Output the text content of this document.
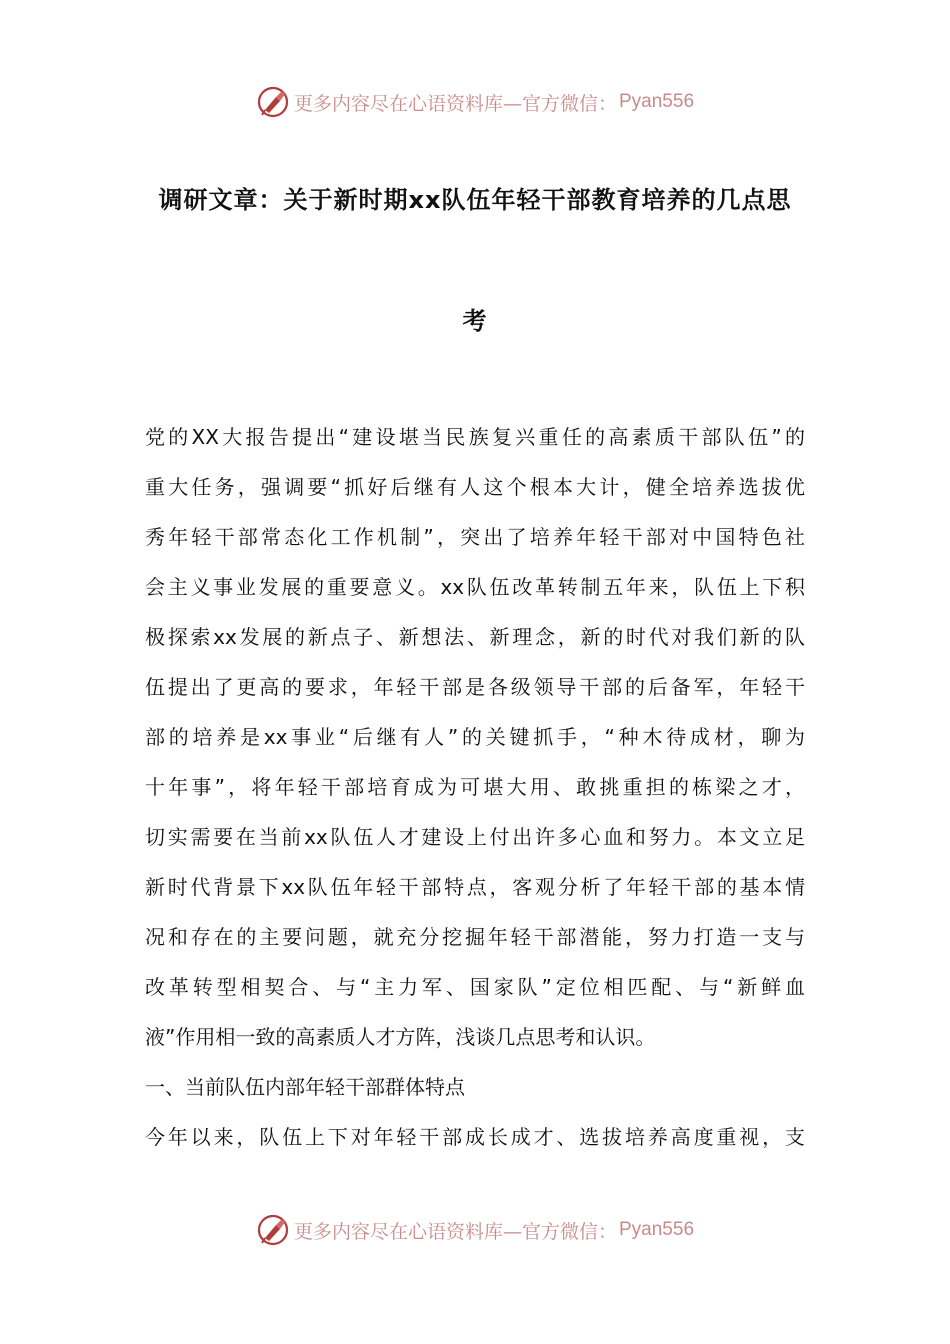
更多内容尽在心语资料库—官方微信： Pyan556
调研文章：关于新时期xx队伍年轻干部教育培养的几点思
考
党的XX大报告提出“建设堪当民族复兴重任的高素质干部队伍”的
重大任务，强调要“抓好后继有人这个根本大计，健全培养选拔优
秀年轻干部常态化工作机制”，突出了培养年轻干部对中国特色社
会主义事业发展的重要意义。xx队伍改革转制五年来，队伍上下积
极探索xx发展的新点子、新想法、新理念，新的时代对我们新的队
伍提出了更高的要求，年轻干部是各级领导干部的后备军，年轻干
部的培养是xx事业“后继有人”的关键抓手，“种木待成材，聊为
十年事”，将年轻干部培育成为可堪大用、敢挑重担的栋梁之才，
切实需要在当前xx队伍人才建设上付出许多心血和努力。本文立足
新时代背景下xx队伍年轻干部特点，客观分析了年轻干部的基本情
况和存在的主要问题，就充分挖掘年轻干部潜能，努力打造一支与
改革转型相契合、与“主力军、国家队”定位相匹配、与“新鲜血
液”作用相一致的高素质人才方阵，浅谈几点思考和认识。
一、当前队伍内部年轻干部群体特点
今年以来，队伍上下对年轻干部成长成才、选拔培养高度重视，支
更多内容尽在心语资料库—官方微信： Pyan556
